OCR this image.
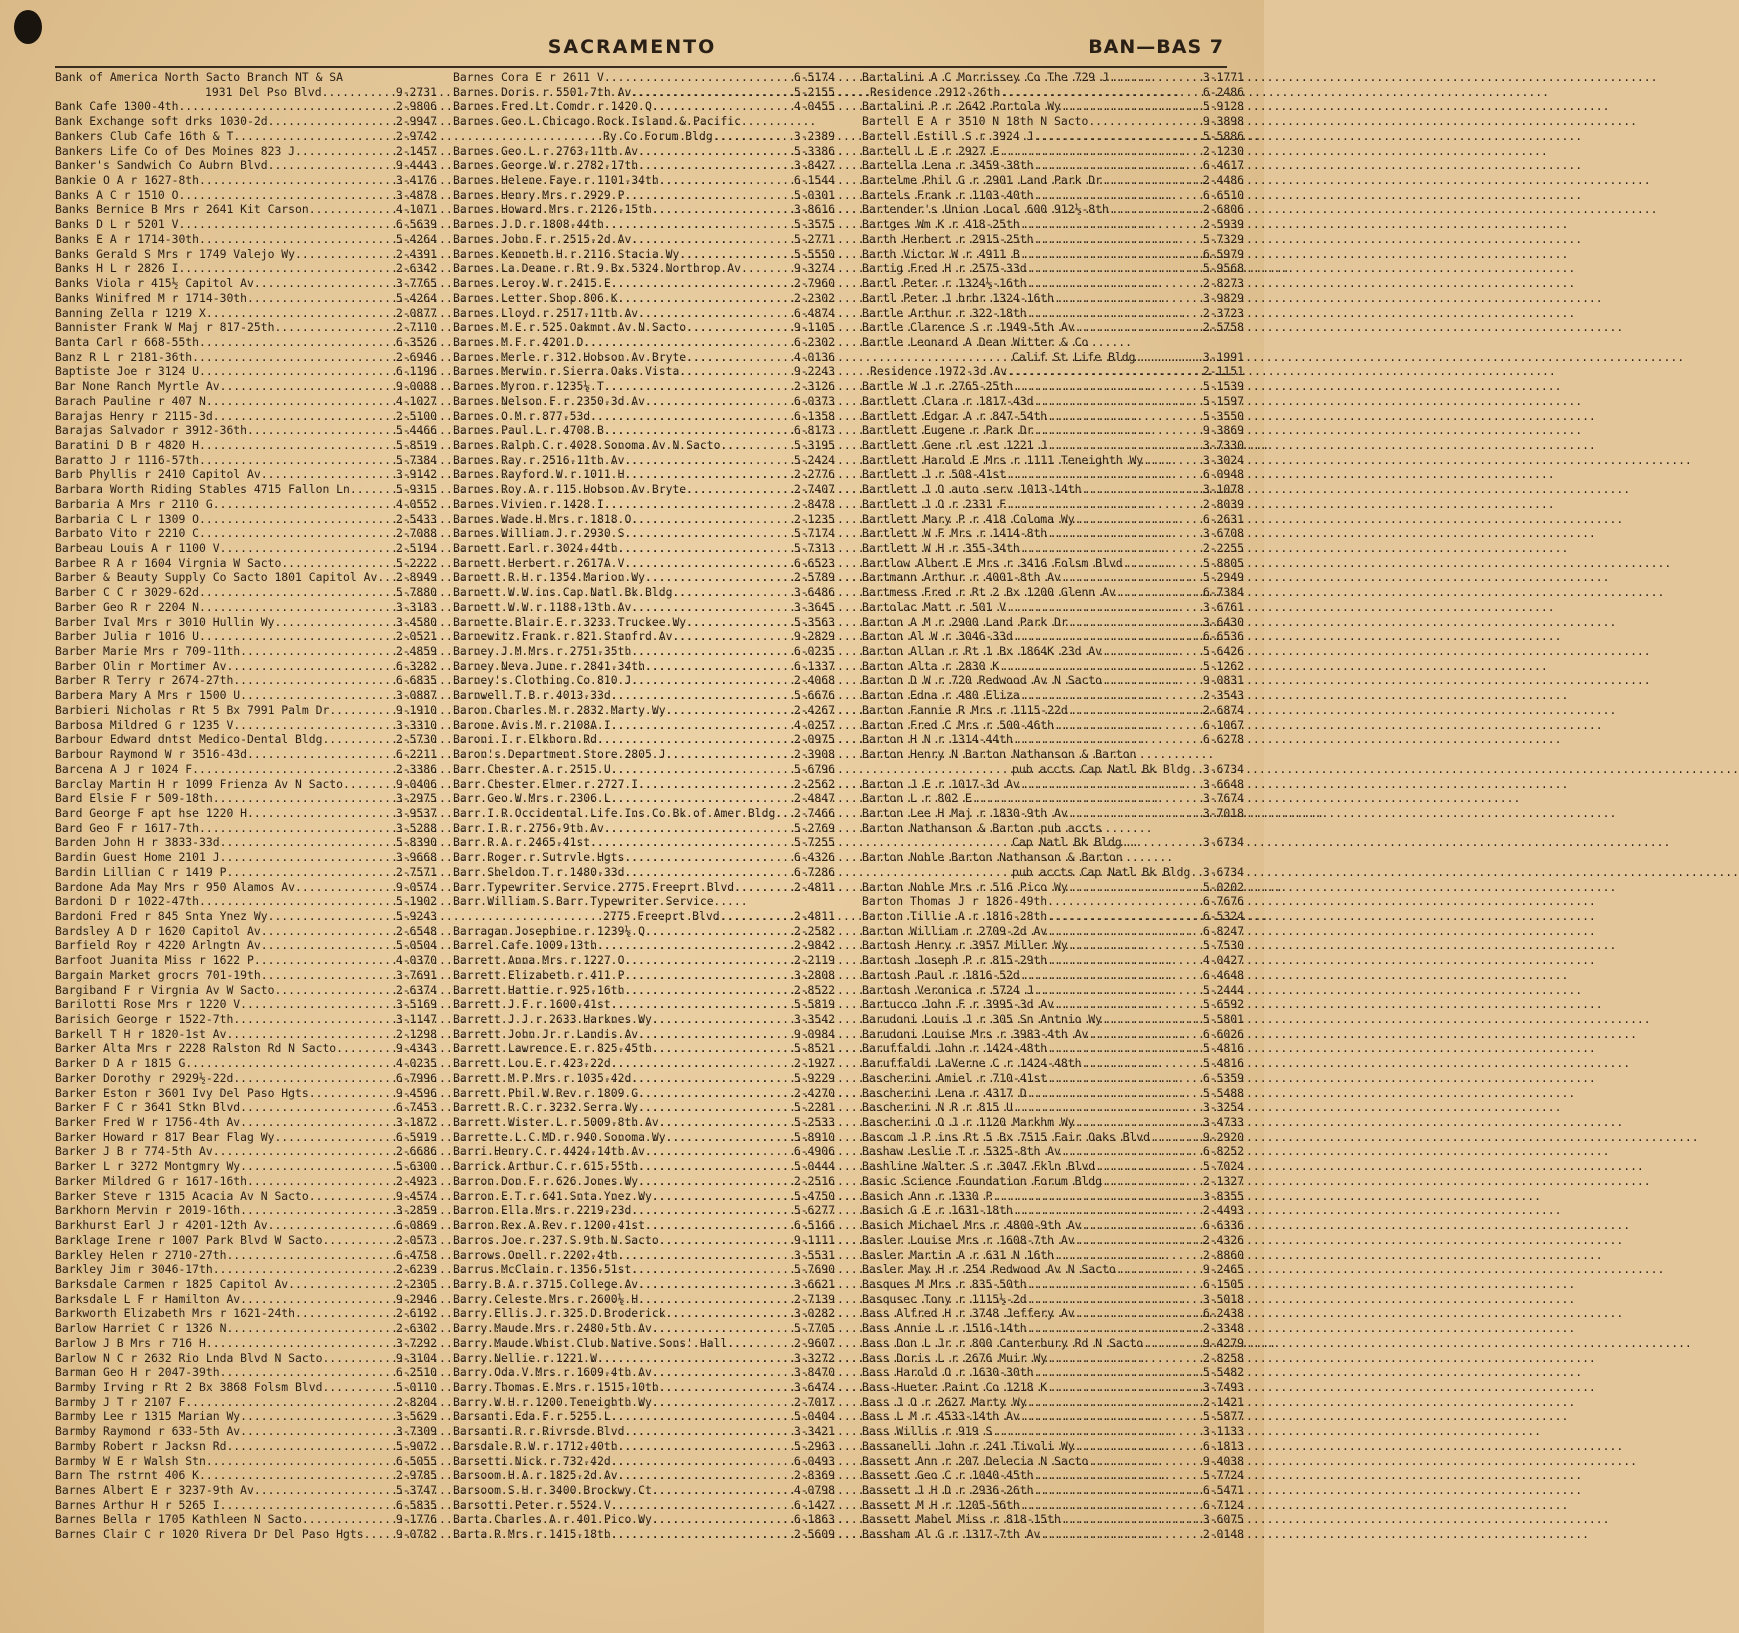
SACRAMENTO	BAN—BAS 7
Bank of America North Sacto Branch NT & SA
1931 Del Pso Blvd .....	9-2731
Bank Cafe 1300-4th .....	2-9806
Bank Exchange soft drks 1030-2d .....	2-9947
Bankers Club Cafe 16th & T .....	2-9742
Bankers Life Co of Des Moines 823 J .....	2-1457
Banker's Sandwich Co Aubrn Blvd .....	9-4443
Bankie O A r 1627-8th .....	3-4176
Banks A C r 1510 O .....	3-4878
Banks Bernice B Mrs r 2641 Kit Carson .....	4-1071
Banks D L r 5201 V .....	6-5639
Banks E A r 1714-30th .....	5-4264
Banks Gerald S Mrs r 1749 Valejo Wy .....	2-4391
Banks H L r 2826 I .....	2-6342
Banks Viola r 415½ Capitol Av .....	3-7765
Banks Winifred M r 1714-30th .....	5-4264
Banning Zella r 1219 X .....	2-0877
Bannister Frank W Maj r 817-25th .....	2-7110
Banta Carl r 668-55th .....	6-3526
Banz R L r 2181-36th .....	2-6946
Baptiste Joe r 3124 U .....	6-1196
Bar None Ranch Myrtle Av .....	9-0088
Barach Pauline r 407 N .....	4-1027
Barajas Henry r 2115-3d .....	2-5100
Barajas Salvador r 3912-36th .....	5-4466
Baratini D B r 4820 H .....	5-8519
Baratto J r 1116-57th .....	5-7384
Barb Phyllis r 2410 Capitol Av .....	3-9142
Barbara Worth Riding Stables 4715 Fallon Ln .....	5-9315
Barbaria A Mrs r 2110 G .....	4-0552
Barbaria C L r 1309 O .....	2-5433
Barbato Vito r 2210 C .....	2-7088
Barbeau Louis A r 1100 V .....	2-5194
Barbee R A r 1604 Virgnia W Sacto .....	5-2222
Barber & Beauty Supply Co Sacto 1801 Capitol Av ..... 2-8949
Barber C C r 3029-62d .....	5-7880
Barber Geo R r 2204 N .....	3-3183
Barber Ival Mrs r 3010 Hullin Wy .....	3-4580
Barber Julia r 1016 U .....	2-0521
Barber Marie Mrs r 709-11th .....	2-4859
Barber Olin r Mortimer Av .....	6-3282
Barber R Terry r 2674-27th .....	6-6835
Barbera Mary A Mrs r 1500 U .....	3-0887
Barbieri Nicholas r Rt 5 Bx 7991 Palm Dr .....	9-1910
Barbosa Mildred G r 1235 V .....	3-3310
Barbour Edward dntst Medico-Dental Bldg .....	2-5730
Barbour Raymond W r 3516-43d .....	6-2211
Barcena A J r 1024 F .....	2-3386
Barclay Martin H r 1099 Frienza Av N Sacto .....	9-0406
Bard Elsie F r 509-18th .....	3-2975
Bard George F apt hse 1220 H .....	3-9537
Bard Geo F r 1617-7th .....	3-5288
Barden John H r 3833-33d .....	5-8390
Bardin Guest Home 2101 J .....	3-9668
Bardin Lillian C r 1419 P .....	2-7571
Bardone Ada May Mrs r 950 Alamos Av .....	9-0574
Bardoni D r 1022-47th .....	5-1902
Bardoni Fred r 845 Snta Ynez Wy .....	5-9243
Bardsley A D r 1620 Capitol Av .....	2-6548
Barfield Roy r 4220 Arlngtn Av .....	5-0504
Barfoot Juanita Miss r 1622 P .....	4-0370
Bargain Market grocrs 701-19th .....	3-7691
Bargiband F r Virgnia Av W Sacto .....	2-6374
Barilotti Rose Mrs r 1220 V .....	3-5169
Barisich George r 1522-7th .....	3-1147
Barkell T H r 1820-1st Av .....	2-1298
Barker Alta Mrs r 2228 Ralston Rd N Sacto .....	9-4343
Barker D A r 1815 G .....	4-0235
Barker Dorothy r 2929½-22d .....	6-7996
Barker Eston r 3601 Ivy Del Paso Hgts .....	9-4596
Barker F C r 3641 Stkn Blvd .....	6-7453
Barker Fred W r 1756-4th Av .....	3-1872
Barker Howard r 817 Bear Flag Wy .....	6-5919
Barker J B r 774-5th Av .....	2-6686
Barker L r 3272 Montgmry Wy .....	5-6300
Barker Mildred G r 1617-16th .....	2-4923
Barker Steve r 1315 Acacia Av N Sacto .....	9-4574
Barkhorn Mervin r 2019-16th .....	3-2859
Barkhurst Earl J r 4201-12th Av .....	6-0869
Barklage Irene r 1007 Park Blvd W Sacto .....	2-0573
Barkley Helen r 2710-27th .....	6-4758
Barkley Jim r 3046-17th .....	2-6239
Barksdale Carmen r 1825 Capitol Av .....	2-2305
Barksdale L F r Hamilton Av .....	9-2946
Barkworth Elizabeth Mrs r 1621-24th .....	2-6192
Barlow Harriet C r 1326 N .....	2-6302
Barlow J B Mrs r 716 H .....	3-7292
Barlow N C r 2632 Rio Lnda Blvd N Sacto .....	9-3104
Barman Geo H r 2047-39th .....	6-2510
Barmby Irving r Rt 2 Bx 3868 Folsm Blvd .....	5-0110
Barmby J T r 2107 F .....	2-8204
Barmby Lee r 1315 Marian Wy .....	3-5629
Barmby Raymond r 633-5th Av .....	3-7309
Barmby Robert r Jacksn Rd .....	5-9072
Barmby W E r Walsh Stn .....	6-5055
Barn The rstrnt 406 K .....	2-9785
Barnes Albert E r 3237-9th Av .....	5-3747
Barnes Arthur H r 5265 I .....	6-5835
Barnes Bella r 1705 Kathleen N Sacto .....	9-1776
Barnes Clair C r 1020 Rivera Dr Del Paso Hgts .....	9-0782
Barnes Cora E r 2611 V .....	6-5174
Barnes Doris r 5501-7th Av .....	5-2155
Barnes Fred Lt Comdr r 1420 Q .....	4-0455
Barnes Geo L Chicago Rock Island & Pacific
Ry Co Forum Bldg .....	3-2389
Barnes Geo L r 2763-11th Av .....	5-3386
Barnes George W r 2782-17th .....	3-8427
Barnes Helene Faye r 1101-34th .....	6-1544
Barnes Henry Mrs r 2929 P .....	5-0301
Barnes Howard Mrs r 2126-15th .....	3-8616
Barnes J D r 1808-44th .....	5-3575
Barnes John F r 2515-2d Av .....	5-2771
Barnes Kenneth H r 2116 Stacia Wy .....	5-5550
Barnes La Deane r Rt 9 Bx 5324 Northrop Av .....	9-3274
Barnes Leroy W r 2415 E .....	2-7960
Barnes Letter Shop 806 K .....	2-2302
Barnes Lloyd r 2517-11th Av .....	6-4874
Barnes M E r 525 Oakmnt Av N Sacto .....	9-1105
Barnes M F r 4201 D .....	6-2302
Barnes Merle r 312 Hobson Av Bryte .....	4-0136
Barnes Merwin r Sierra Oaks Vista .....	9-2243
Barnes Myron r 1235½ T .....	2-3126
Barnes Nelson F r 2350-3d Av .....	6-0373
Barnes O M r 877-53d .....	6-1358
Barnes Paul L r 4708 B .....	6-8173
Barnes Ralph C r 4028 Sonoma Av N Sacto .....	5-3195
Barnes Ray r 2516-11th Av .....	5-2424
Barnes Rayford W r 1011 H .....	2-2776
Barnes Roy A r 115 Hobson Av Bryte .....	2-7407
Barnes Vivien r 1428 I .....	2-8478
Barnes Wade H Mrs r 1818 O .....	2-1235
Barnes William J r 2930 S .....	5-7174
Barnett Earl r 3024-44th .....	5-7313
Barnett Herbert r 2617A V .....	6-6523
Barnett R H r 1354 Marion Wy .....	2-5789
Barnett W W ins Cap Natl Bk Bldg .....	3-6486
Barnett W W r 1188-13th Av .....	3-3645
Barnette Blair E r 3233 Truckee Wy .....	5-3563
Barnewitz Frank r 821 Stanfrd Av .....	9-2829
Barney J M Mrs r 2751-35th .....	6-0235
Barney Neva June r 2841-34th .....	6-1337
Barney's Clothing Co 810 J .....	2-4068
Barnwell T B r 4013-33d .....	5-6676
Baron Charles M r 2832 Marty Wy .....	2-4267
Barone Avis M r 2108A I .....	4-0257
Baroni I r Elkhorn Rd .....	2-0975
Baron's Department Store 2805 J .....	2-3908
Barr Chester A r 2515 U .....	5-6796
Barr Chester Elmer r 2727 I .....	2-2562
Barr Geo W Mrs r 2306 L .....	2-4847
Barr I R Occidental Life Ins Co Bk of Amer Bldg ..... 2-7466
Barr I R r 2756-9th Av .....	5-2769
Barr R A r 2465-41st .....	5-7255
Barr Roger r Sutrvle Hgts .....	6-4326
Barr Sheldon T r 1480-33d .....	6-7286
Barr Typewriter Service 2775 Freeprt Blvd .....	2-4811
Barr William S Barr Typewriter Service
2775 Freeprt Blvd .....	2-4811
Barragan Josephine r 1239½ Q .....	2-2582
Barrel Cafe 1009-13th .....	2-9842
Barrett Anna Mrs r 1227 O .....	2-2119
Barrett Elizabeth r 411 P .....	3-2808
Barrett Hattie r 925-16th .....	2-8522
Barrett J F r 1600-41st .....	5-5819
Barrett J J r 2633 Harknes Wy .....	3-3542
Barrett John Jr r Landis Av .....	9-0984
Barrett Lawrence E r 825-45th .....	5-8521
Barrett Lou E r 423-22d .....	2-1927
Barrett M P Mrs r 1035-42d .....	5-9229
Barrett Phil W Rev r 1809 G .....	2-4270
Barrett R C r 3232 Serra Wy .....	5-2281
Barrett Wister L r 5009-8th Av .....	5-2533
Barrette L C MD r 940 Sonoma Wy .....	5-8910
Barri Henry C r 4424-14th Av .....	6-4906
Barrick Arthur C r 615-55th .....	5-0444
Barron Don F r 626 Jones Wy .....	2-2516
Barron E T r 641 Snta Ynez Wy .....	5-4750
Barron Ella Mrs r 2219-23d .....	5-6277
Barron Rex A Rev r 1200-41st .....	6-5166
Barros Joe r 237 S 9th N Sacto .....	9-1111
Barrows Onell r 2202-4th .....	3-5531
Barrus McClain r 1356-51st .....	5-7690
Barry B A r 3715 College Av .....	3-6621
Barry Celeste Mrs r 2600½ H .....	2-7139
Barry Ellis J r 325 D Broderick .....	3-0282
Barry Maude Mrs r 2480-5th Av .....	5-7705
Barry Maude Whist Club Native Sons' Hall .....	2-9607
Barry Nellie r 1221 W .....	3-3272
Barry Oda V Mrs r 1609-4th Av .....	3-8470
Barry Thomas E Mrs r 1515-10th .....	3-6474
Barry W H r 1200 Teneighth Wy .....	2-7017
Barsanti Eda F r 5255 L .....	5-0404
Barsanti R r Rivrsde Blvd .....	3-3421
Barsdale R W r 1712-40th .....	5-2963
Barsetti Nick r 732-42d .....	6-0493
Barsoom H A r 1825-2d Av .....	2-8369
Barsoom S H r 3400 Brockwy Ct .....	4-0798
Barsotti Peter r 5524 V .....	6-1427
Barta Charles A r 401 Pico Wy .....	6-1863
Barta R Mrs r 1415-18th .....	2-5609
Bartalini A C Morrissey Co The 729 J .....	3-1771
Residence 2912-26th .....	6-2486
Bartalini P r 2642 Portola Wy .....	5-9128
Bartell E A r 3510 N 18th N Sacto .....	9-3898
Bartell Estill S r 3924 J .....	5-5886
Bartell L E r 2927 E .....	2-1230
Bartella Lena r 3459-38th .....	6-4617
Bartelme Phil G r 2901 Land Park Dr .....	2-4486
Bartels Frank r 1103-40th .....	6-6510
Bartender's Union Local 600 912½-8th .....	2-6806
Bartges Wm K r 418-25th .....	2-5939
Barth Herbert r 2915-25th .....	5-7329
Barth Victor W r 4911 B .....	6-5979
Bartig Fred H r 2575-33d .....	5-9568
Bartl Peter r 1324½-16th .....	2-8273
Bartl Peter J brbr 1324-16th .....	3-9829
Bartle Arthur r 322-18th .....	2-3723
Bartle Clarence S r 1949-5th Av .....	2-5758
Bartle Leonard A Dean Witter & Co
Calif St Life Bldg .....	3-1991
Residence 1972-3d Av .....	2-1151
Bartle W J r 2765-25th .....	5-1539
Bartlett Clara r 1817-43d .....	5-1597
Bartlett Edgar A r 847-54th .....	5-3550
Bartlett Eugene r Park Dr .....	9-3869
Bartlett Gene rl est 1221 J .....	3-7330
Bartlett Harold E Mrs r 1111 Teneighth Wy .....	3-3024
Bartlett J r 508-41st .....	6-0948
Bartlett J O auto serv 1013-14th .....	3-1078
Bartlett J O r 2331 F .....	2-8039
Bartlett Mary P r 418 Coloma Wy .....	6-2631
Bartlett W F Mrs r 1414-8th .....	3-6708
Bartlett W H r 355-34th .....	2-2255
Bartlow Albert E Mrs r 3416 Folsm Blvd .....	5-8805
Bartmann Arthur r 4001-8th Av .....	5-2949
Bartmess Fred r Rt 2 Bx 1200 Glenn Av .....	6-7384
Bartolac Matt r 501 V .....	3-6761
Barton A M r 2900 Land Park Dr .....	3-6430
Barton Al W r 3046-33d .....	6-6536
Barton Allan r Rt 1 Bx 1864K 23d Av .....	5-6426
Barton Alta r 2830 K .....	5-1262
Barton D W r 720 Redwood Av N Sacto .....	9-0831
Barton Edna r 480 Eliza .....	2-3543
Barton Fannie R Mrs r 1115-22d .....	2-6874
Barton Fred C Mrs r 500-46th .....	6-1067
Barton H N r 1314-44th .....	6-6278
Barton Henry N Barton Nathanson & Barton
pub accts Cap Natl Bk Bldg ..... 3-6734
Barton J E r 1017-3d Av .....	3-6648
Barton L r 802 E .....	3-7674
Barton Lee H Maj r 1830-9th Av .....	3-7018
Barton Nathanson & Barton pub accts
Cap Natl Bk Bldg .....	3-6734
Barton Noble Barton Nathanson & Barton
pub accts Cap Natl Bk Bldg ..... 3-6734
Barton Noble Mrs r 516 Pico Wy .....	5-0202
Barton Thomas J r 1826-49th .....	6-7676
Barton Tillie A r 1816-28th .....	6-5324
Barton William r 2709-2d Av .....	6-8247
Bartosh Henry r 3957 Miller Wy .....	5-7530
Bartosh Joseph P r 815-29th .....	4-0427
Bartosh Paul r 1816-52d .....	6-4648
Bartosh Veronica r 5724 J .....	5-2444
Bartucco John F r 3995-3d Av .....	5-6592
Barudoni Louis J r 305 Sn Antnio Wy .....	5-5801
Barudoni Louise Mrs r 3983-4th Av .....	6-6026
Baruffaldi John r 1424-48th .....	5-4816
Baruffaldi LaVerne C r 1424-48th .....	5-4816
Bascherini Amiel r 710-41st .....	6-5359
Bascherini Lena r 4317 D .....	5-5488
Bascherini N R r 815 U .....	3-3254
Bascherini O J r 1120 Markhm Wy .....	3-4733
Bascom J P ins Rt 5 Bx 7515 Fair Oaks Blvd .....	9-2920
Bashaw Leslie T r 5325-8th Av .....	6-8252
Bashline Walter S r 3047 Fkln Blvd .....	5-7024
Basic Science Foundation Forum Bldg .....	2-1327
Basich Ann r 1330 P .....	3-8355
Basich G E r 1631-18th .....	2-4493
Basich Michael Mrs r 4800-9th Av .....	6-6336
Basler Louise Mrs r 1608-7th Av .....	2-4326
Basler Martin A r 631 N 16th .....	2-8860
Basler May H r 254 Redwood Av N Sacto .....	9-2465
Basques M Mrs r 835-50th .....	6-1505
Basqusec Tony r 1115½-2d .....	3-5018
Bass Alfred H r 3748 Jeffery Av .....	6-2438
Bass Annie L r 1516-14th .....	2-3348
Bass Don L Jr r 800 Canterbury Rd N Sacto .....	9-4279
Bass Doris L r 2676 Muir Wy .....	2-8258
Bass Harold O r 1630-30th .....	5-5482
Bass-Hueter Paint Co 1218 K .....	3-7493
Bass J O r 2627 Marty Wy .....	2-1421
Bass L M r 4533-14th Av .....	5-5877
Bass Willis r 919 S .....	3-1133
Bassanelli John r 241 Tivoli Wy .....	6-1813
Bassett Ann r 207 Delecia N Sacto .....	9-4038
Bassett Geo C r 1040-45th .....	5-7724
Bassett J H D r 2936-26th .....	6-5471
Bassett M H r 1205-56th .....	6-7124
Bassett Mabel Miss r 818-15th .....	3-6075
Bassham Al G r 1317-7th Av .....	2-0148
